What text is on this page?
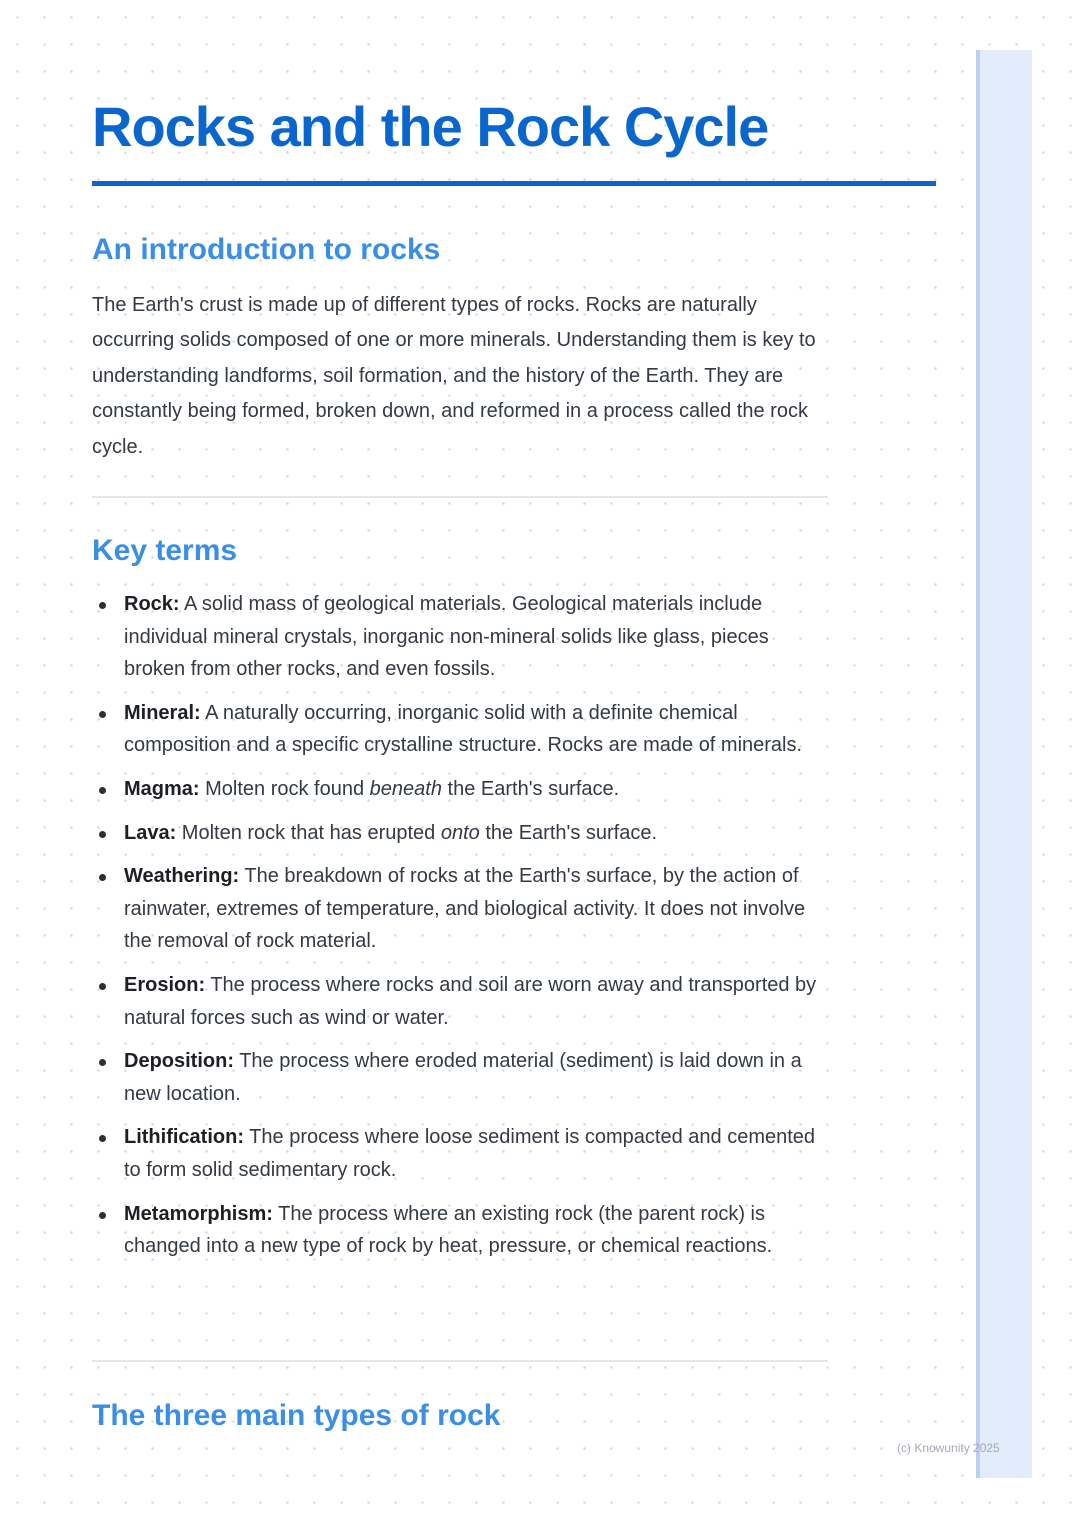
Rocks and the Rock Cycle
An introduction to rocks

The Earth's crust is made up of different types of rocks. Rocks are naturally occurring solids composed of one or more minerals. Understanding them is key to understanding landforms, soil formation, and the history of the Earth. They are constantly being formed, broken down, and reformed in a process called the rock cycle.

Key terms
Rock: A solid mass of geological materials. Geological materials include individual mineral crystals, inorganic non-mineral solids like glass, pieces broken from other rocks, and even fossils.
Mineral: A naturally occurring, inorganic solid with a definite chemical composition and a specific crystalline structure. Rocks are made of minerals.
Magma: Molten rock found beneath the Earth's surface.
Lava: Molten rock that has erupted onto the Earth's surface.
Weathering: The breakdown of rocks at the Earth's surface, by the action of rainwater, extremes of temperature, and biological activity. It does not involve the removal of rock material.
Erosion: The process where rocks and soil are worn away and transported by natural forces such as wind or water.
Deposition: The process where eroded material (sediment) is laid down in a new location.
Lithification: The process where loose sediment is compacted and cemented to form solid sedimentary rock.
Metamorphism: The process where an existing rock (the parent rock) is changed into a new type of rock by heat, pressure, or chemical reactions.
The three main types of rock
(c) Knowunity 2025
